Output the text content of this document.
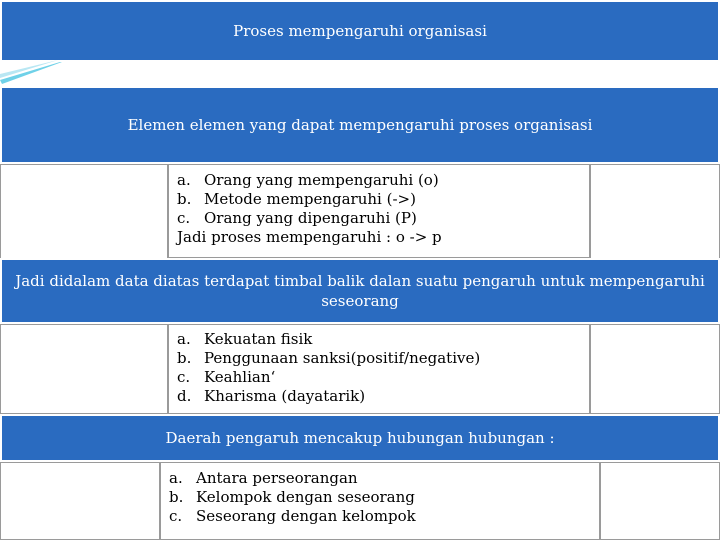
Proses mempengaruhi organisasi
Elemen elemen yang dapat mempengaruhi proses organisasi
a. Orang yang mempengaruhi (o)
b. Metode mempengaruhi (->)
c. Orang yang dipengaruhi (P)
Jadi proses mempengaruhi : o -> p
Jadi didalam data diatas terdapat timbal balik dalan suatu pengaruh untuk mempengaruhi seseorang
a. Kekuatan fisik
b. Penggunaan sanksi(positif/negative)
c. Keahlian‘
d. Kharisma (dayatarik)
Daerah pengaruh mencakup hubungan hubungan :
a. Antara perseorangan
b. Kelompok dengan seseorang
c. Seseorang dengan kelompok
